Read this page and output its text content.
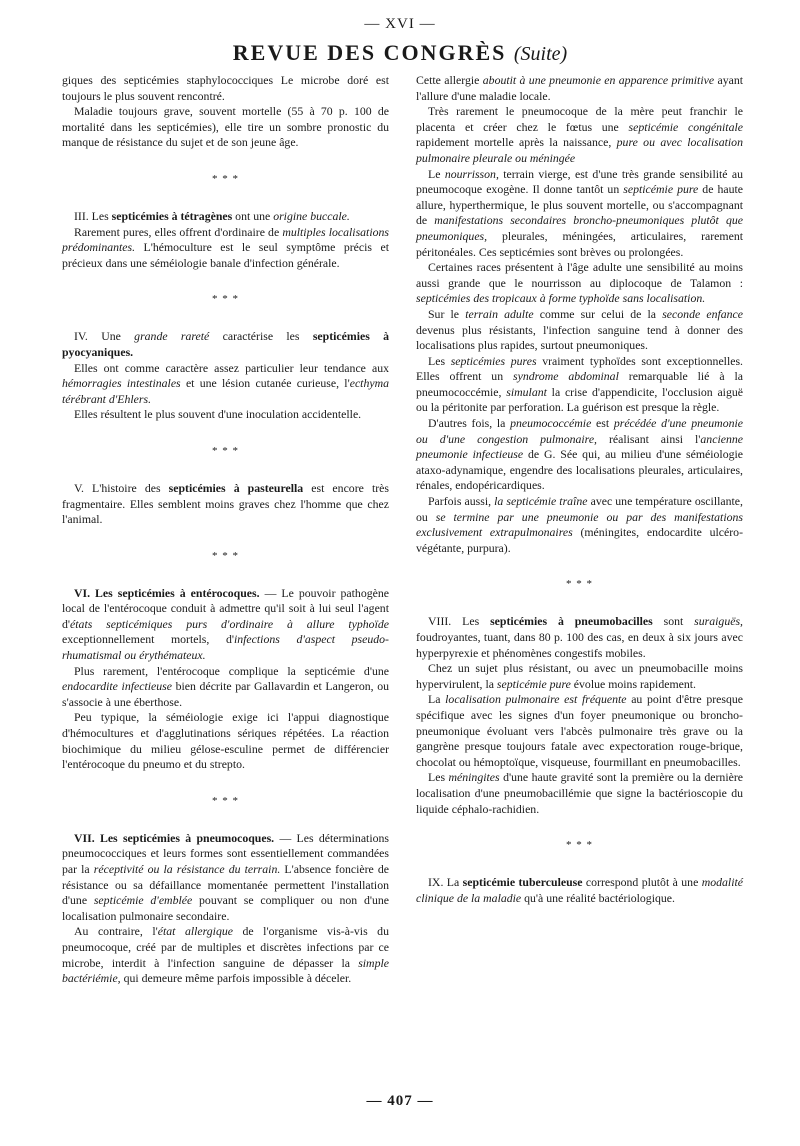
— XVI —
REVUE DES CONGRÈS (Suite)

giques des septicémies staphylococciques Le microbe doré est toujours le plus souvent rencontré.

Maladie toujours grave, souvent mortelle (55 à 70 p. 100 de mortalité dans les septicémies), elle tire un sombre pronostic du manque de résistance du sujet et de son jeune âge.

* * *

III. Les septicémies à tétragènes ont une origine buccale.

Rarement pures, elles offrent d'ordinaire de multiples localisations prédominantes. L'hémoculture est le seul symptôme précis et précieux dans une séméiologie banale d'infection générale.

* * *

IV. Une grande rareté caractérise les septicémies à pyocyaniques.

Elles ont comme caractère assez particulier leur tendance aux hémorragies intestinales et une lésion cutanée curieuse, l'ecthyma térébrant d'Ehlers.

Elles résultent le plus souvent d'une inoculation accidentelle.

* * *

V. L'histoire des septicémies à pasteurella est encore très fragmentaire. Elles semblent moins graves chez l'homme que chez l'animal.

* * *

VI. Les septicémies à entérocoques. — Le pouvoir pathogène local de l'entérocoque conduit à admettre qu'il soit à lui seul l'agent d'états septicémiques purs d'ordinaire à allure typhoïde exceptionnellement mortels, d'infections d'aspect pseudo-rhumatismal ou érythémateux.

Plus rarement, l'entérocoque complique la septicémie d'une endocardite infectieuse bien décrite par Gallavardin et Langeron, ou s'associe à une éberthose.

Peu typique, la séméiologie exige ici l'appui diagnostique d'hémocultures et d'agglutinations sériques répétées. La réaction biochimique du milieu gélose-esculine permet de différencier l'entérocoque du pneumo et du strepto.

* * *

VII. Les septicémies à pneumocoques. — Les déterminations pneumococciques et leurs formes sont essentiellement commandées par la réceptivité ou la résistance du terrain. L'absence foncière de résistance ou sa défaillance momentanée permettent l'installation d'une septicémie d'emblée pouvant se compliquer ou non d'une localisation pulmonaire secondaire.

Au contraire, l'état allergique de l'organisme vis-à-vis du pneumocoque, créé par de multiples et discrètes infections par ce microbe, interdit à l'infection sanguine de dépasser la simple bactériémie, qui demeure même parfois impossible à déceler.

Cette allergie aboutit à une pneumonie en apparence primitive ayant l'allure d'une maladie locale.

Très rarement le pneumocoque de la mère peut franchir le placenta et créer chez le fœtus une septicémie congénitale rapidement mortelle après la naissance, pure ou avec localisation pulmonaire pleurale ou méningée

Le nourrisson, terrain vierge, est d'une très grande sensibilité au pneumocoque exogène. Il donne tantôt un septicémie pure de haute allure, hyperthermique, le plus souvent mortelle, ou s'accompagnant de manifestations secondaires broncho-pneumoniques plutôt que pneumoniques, pleurales, méningées, articulaires, rarement péritonéales. Ces septicémies sont brèves ou prolongées.

Certaines races présentent à l'âge adulte une sensibilité au moins aussi grande que le nourrisson au diplocoque de Talamon : septicémies des tropicaux à forme typhoïde sans localisation.

Sur le terrain adulte comme sur celui de la seconde enfance devenus plus résistants, l'infection sanguine tend à donner des localisations plus rapides, surtout pneumoniques.

Les septicémies pures vraiment typhoïdes sont exceptionnelles. Elles offrent un syndrome abdominal remarquable lié à la pneumococcémie, simulant la crise d'appendicite, l'occlusion aiguë ou la péritonite par perforation. La guérison est presque la règle.

D'autres fois, la pneumococcémie est précédée d'une pneumonie ou d'une congestion pulmonaire, réalisant ainsi l'ancienne pneumonie infectieuse de G. Sée qui, au milieu d'une séméiologie ataxo-adynamique, engendre des localisations pleurales, articulaires, rénales, endopéricardiques.

Parfois aussi, la septicémie traîne avec une température oscillante, ou se termine par une pneumonie ou par des manifestations exclusivement extrapulmonaires (méningites, endocardite ulcéro-végétante, purpura).

* * *

VIII. Les septicémies à pneumobacilles sont suraiguës, foudroyantes, tuant, dans 80 p. 100 des cas, en deux à six jours avec hyperpyrexie et phénomènes congestifs mobiles.

Chez un sujet plus résistant, ou avec un pneumobacille moins hypervirulent, la septicémie pure évolue moins rapidement.

La localisation pulmonaire est fréquente au point d'être presque spécifique avec les signes d'un foyer pneumonique ou broncho-pneumonique évoluant vers l'abcès pulmonaire très grave ou la gangrène presque toujours fatale avec expectoration rouge-brique, chocolat ou hémoptoïque, visqueuse, fourmillant en pneumobacilles.

Les méningites d'une haute gravité sont la première ou la dernière localisation d'une pneumobacillémie que signe la bactérioscopie du liquide céphalo-rachidien.

* * *

IX. La septicémie tuberculeuse correspond plutôt à une modalité clinique de la maladie qu'à une réalité bactériologique.

— 407 —
